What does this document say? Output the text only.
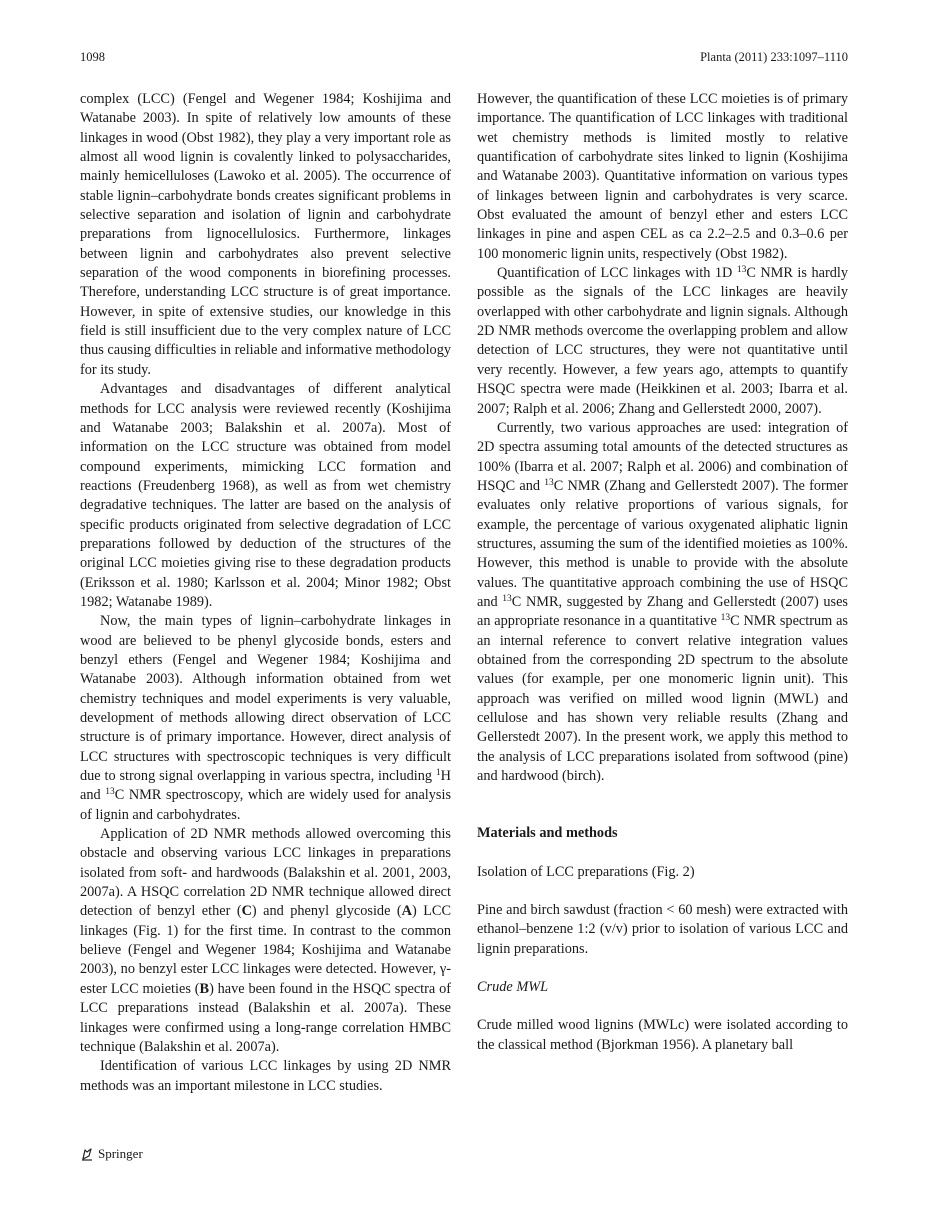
1098	Planta (2011) 233:1097–1110

complex (LCC) (Fengel and Wegener 1984; Koshijima and Watanabe 2003). In spite of relatively low amounts of these linkages in wood (Obst 1982), they play a very important role as almost all wood lignin is covalently linked to polysaccharides, mainly hemicelluloses (Lawoko et al. 2005). The occurrence of stable lignin–carbohydrate bonds creates significant problems in selective separation and isolation of lignin and carbohydrate preparations from lignocellulosics. Furthermore, linkages between lignin and carbohydrates also prevent selective separation of the wood components in biorefining processes. Therefore, understanding LCC structure is of great importance. However, in spite of extensive studies, our knowledge in this field is still insufficient due to the very complex nature of LCC thus causing difficulties in reliable and informative methodology for its study.

Advantages and disadvantages of different analytical methods for LCC analysis were reviewed recently (Koshijima and Watanabe 2003; Balakshin et al. 2007a). Most of information on the LCC structure was obtained from model compound experiments, mimicking LCC formation and reactions (Freudenberg 1968), as well as from wet chemistry degradative techniques. The latter are based on the analysis of specific products originated from selective degradation of LCC preparations followed by deduction of the structures of the original LCC moieties giving rise to these degradation products (Eriksson et al. 1980; Karlsson et al. 2004; Minor 1982; Obst 1982; Watanabe 1989).

Now, the main types of lignin–carbohydrate linkages in wood are believed to be phenyl glycoside bonds, esters and benzyl ethers (Fengel and Wegener 1984; Koshijima and Watanabe 2003). Although information obtained from wet chemistry techniques and model experiments is very valuable, development of methods allowing direct observation of LCC structure is of primary importance. However, direct analysis of LCC structures with spectroscopic techniques is very difficult due to strong signal overlapping in various spectra, including $^1$H and $^{13}$C NMR spectroscopy, which are widely used for analysis of lignin and carbohydrates.

Application of 2D NMR methods allowed overcoming this obstacle and observing various LCC linkages in preparations isolated from soft- and hardwoods (Balakshin et al. 2001, 2003, 2007a). A HSQC correlation 2D NMR technique allowed direct detection of benzyl ether (C) and phenyl glycoside (A) LCC linkages (Fig. 1) for the first time. In contrast to the common believe (Fengel and Wegener 1984; Koshijima and Watanabe 2003), no benzyl ester LCC linkages were detected. However, γ-ester LCC moieties (B) have been found in the HSQC spectra of LCC preparations instead (Balakshin et al. 2007a). These linkages were confirmed using a long-range correlation HMBC technique (Balakshin et al. 2007a).

Identification of various LCC linkages by using 2D NMR methods was an important milestone in LCC studies.

However, the quantification of these LCC moieties is of primary importance. The quantification of LCC linkages with traditional wet chemistry methods is limited mostly to relative quantification of carbohydrate sites linked to lignin (Koshijima and Watanabe 2003). Quantitative information on various types of linkages between lignin and carbohydrates is very scarce. Obst evaluated the amount of benzyl ether and esters LCC linkages in pine and aspen CEL as ca 2.2–2.5 and 0.3–0.6 per 100 monomeric lignin units, respectively (Obst 1982).

Quantification of LCC linkages with 1D $^{13}$C NMR is hardly possible as the signals of the LCC linkages are heavily overlapped with other carbohydrate and lignin signals. Although 2D NMR methods overcome the overlapping problem and allow detection of LCC structures, they were not quantitative until very recently. However, a few years ago, attempts to quantify HSQC spectra were made (Heikkinen et al. 2003; Ibarra et al. 2007; Ralph et al. 2006; Zhang and Gellerstedt 2000, 2007).

Currently, two various approaches are used: integration of 2D spectra assuming total amounts of the detected structures as 100% (Ibarra et al. 2007; Ralph et al. 2006) and combination of HSQC and $^{13}$C NMR (Zhang and Gellerstedt 2007). The former evaluates only relative proportions of various signals, for example, the percentage of various oxygenated aliphatic lignin structures, assuming the sum of the identified moieties as 100%. However, this method is unable to provide with the absolute values. The quantitative approach combining the use of HSQC and $^{13}$C NMR, suggested by Zhang and Gellerstedt (2007) uses an appropriate resonance in a quantitative $^{13}$C NMR spectrum as an internal reference to convert relative integration values obtained from the corresponding 2D spectrum to the absolute values (for example, per one monomeric lignin unit). This approach was verified on milled wood lignin (MWL) and cellulose and has shown very reliable results (Zhang and Gellerstedt 2007). In the present work, we apply this method to the analysis of LCC preparations isolated from softwood (pine) and hardwood (birch).

Materials and methods
Isolation of LCC preparations (Fig. 2)

Pine and birch sawdust (fraction < 60 mesh) were extracted with ethanol–benzene 1:2 (v/v) prior to isolation of various LCC and lignin preparations.

Crude MWL

Crude milled wood lignins (MWLc) were isolated according to the classical method (Bjorkman 1956). A planetary ball

Springer
